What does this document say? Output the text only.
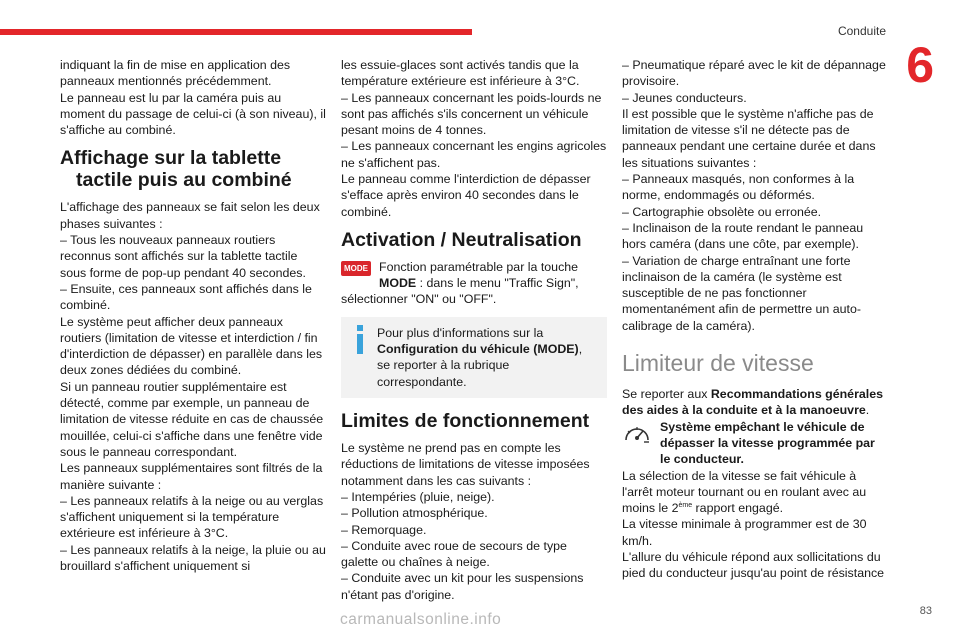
Conduite
6

indiquant la fin de mise en application des panneaux mentionnés précédemment.

Le panneau est lu par la caméra puis au moment du passage de celui-ci (à son niveau), il s'affiche au combiné.

Affichage sur la tablette
tactile puis au combiné

L'affichage des panneaux se fait selon les deux phases suivantes :

– Tous les nouveaux panneaux routiers reconnus sont affichés sur la tablette tactile sous forme de pop-up pendant 40 secondes.

– Ensuite, ces panneaux sont affichés dans le combiné.

Le système peut afficher deux panneaux routiers (limitation de vitesse et interdiction / fin d'interdiction de dépasser) en parallèle dans les deux zones dédiées du combiné.

Si un panneau routier supplémentaire est détecté, comme par exemple, un panneau de limitation de vitesse réduite en cas de chaussée mouillée, celui-ci s'affiche dans une fenêtre vide sous le panneau correspondant.

Les panneaux supplémentaires sont filtrés de la manière suivante :

– Les panneaux relatifs à la neige ou au verglas s'affichent uniquement si la température extérieure est inférieure à 3°C.

– Les panneaux relatifs à la neige, la pluie ou au brouillard s'affichent uniquement si

les essuie-glaces sont activés tandis que la température extérieure est inférieure à 3°C.

– Les panneaux concernant les poids-lourds ne sont pas affichés s'ils concernent un véhicule pesant moins de 4 tonnes.

– Les panneaux concernant les engins agricoles ne s'affichent pas.

Le panneau comme l'interdiction de dépasser s'efface après environ 40 secondes dans le combiné.

Activation / Neutralisation
MODE Fonction paramétrable par la touche
MODE : dans le menu "Traffic Sign",

sélectionner "ON" ou "OFF".

Pour plus d'informations sur la
Configuration du véhicule (MODE), se reporter à la rubrique correspondante.
Limites de fonctionnement

Le système ne prend pas en compte les réductions de limitations de vitesse imposées notamment dans les cas suivants :

– Intempéries (pluie, neige).

– Pollution atmosphérique.

– Remorquage.

– Conduite avec roue de secours de type galette ou chaînes à neige.

– Conduite avec un kit pour les suspensions n'étant pas d'origine.

– Pneumatique réparé avec le kit de dépannage provisoire.

– Jeunes conducteurs.

Il est possible que le système n'affiche pas de limitation de vitesse s'il ne détecte pas de panneaux pendant une certaine durée et dans les situations suivantes :

– Panneaux masqués, non conformes à la norme, endommagés ou déformés.

– Cartographie obsolète ou erronée.

– Inclinaison de la route rendant le panneau hors caméra (dans une côte, par exemple).

– Variation de charge entraînant une forte inclinaison de la caméra (le système est susceptible de ne pas fonctionner momentanément afin de permettre un auto-calibrage de la caméra).

Limiteur de vitesse

Se reporter aux Recommandations générales des aides à la conduite et à la manoeuvre.

Système empêchant le véhicule de
dépasser la vitesse programmée par le conducteur.

La sélection de la vitesse se fait véhicule à l'arrêt moteur tournant ou en roulant avec au moins le 2ème rapport engagé.

La vitesse minimale à programmer est de 30 km/h.

L'allure du véhicule répond aux sollicitations du pied du conducteur jusqu'au point de résistance

carmanualsonline.info	83
